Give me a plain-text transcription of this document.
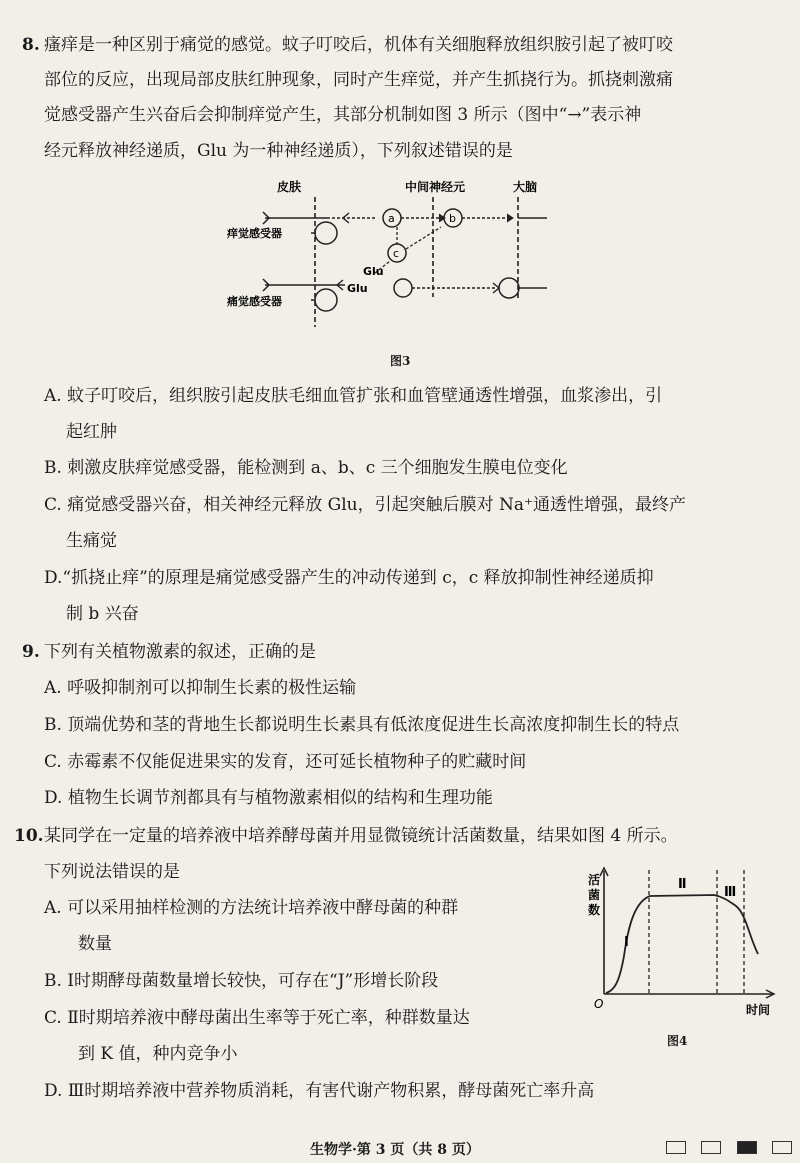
8. 瘙痒是一种区别于痛觉的感觉。蚊子叮咬后，机体有关细胞释放组织胺引起了被叮咬
部位的反应，出现局部皮肤红肿现象，同时产生痒觉，并产生抓挠行为。抓挠刺激痛
觉感受器产生兴奋后会抑制痒觉产生，其部分机制如图 3 所示（图中“→”表示神
经元释放神经递质，Glu 为一种神经递质），下列叙述错误的是
皮肤	中间神经元	大脑
痒觉感受器
a	b
c
Glu
Glu
痛觉感受器
图3
A. 蚊子叮咬后，组织胺引起皮肤毛细血管扩张和血管壁通透性增强，血浆渗出，引
起红肿
B. 刺激皮肤痒觉感受器，能检测到 a、b、c 三个细胞发生膜电位变化
C. 痛觉感受器兴奋，相关神经元释放 Glu，引起突触后膜对 Na⁺通透性增强，最终产
生痛觉
D.“抓挠止痒”的原理是痛觉感受器产生的冲动传递到 c，c 释放抑制性神经递质抑
制 b 兴奋
9. 下列有关植物激素的叙述，正确的是
A. 呼吸抑制剂可以抑制生长素的极性运输
B. 顶端优势和茎的背地生长都说明生长素具有低浓度促进生长高浓度抑制生长的特点
C. 赤霉素不仅能促进果实的发育，还可延长植物种子的贮藏时间
D. 植物生长调节剂都具有与植物激素相似的结构和生理功能
10. 某同学在一定量的培养液中培养酵母菌并用显微镜统计活菌数量，结果如图 4 所示。
下列说法错误的是
A. 可以采用抽样检测的方法统计培养液中酵母菌的种群
数量
B. Ⅰ时期酵母菌数量增长较快，可存在“J”形增长阶段
C. Ⅱ时期培养液中酵母菌出生率等于死亡率，种群数量达
到 K 值，种内竞争小
D. Ⅲ时期培养液中营养物质消耗，有害代谢产物积累，酵母菌死亡率升高
活
菌
数
O	时间
Ⅰ
Ⅱ
Ⅲ
图4
生物学·第 3 页（共 8 页）
